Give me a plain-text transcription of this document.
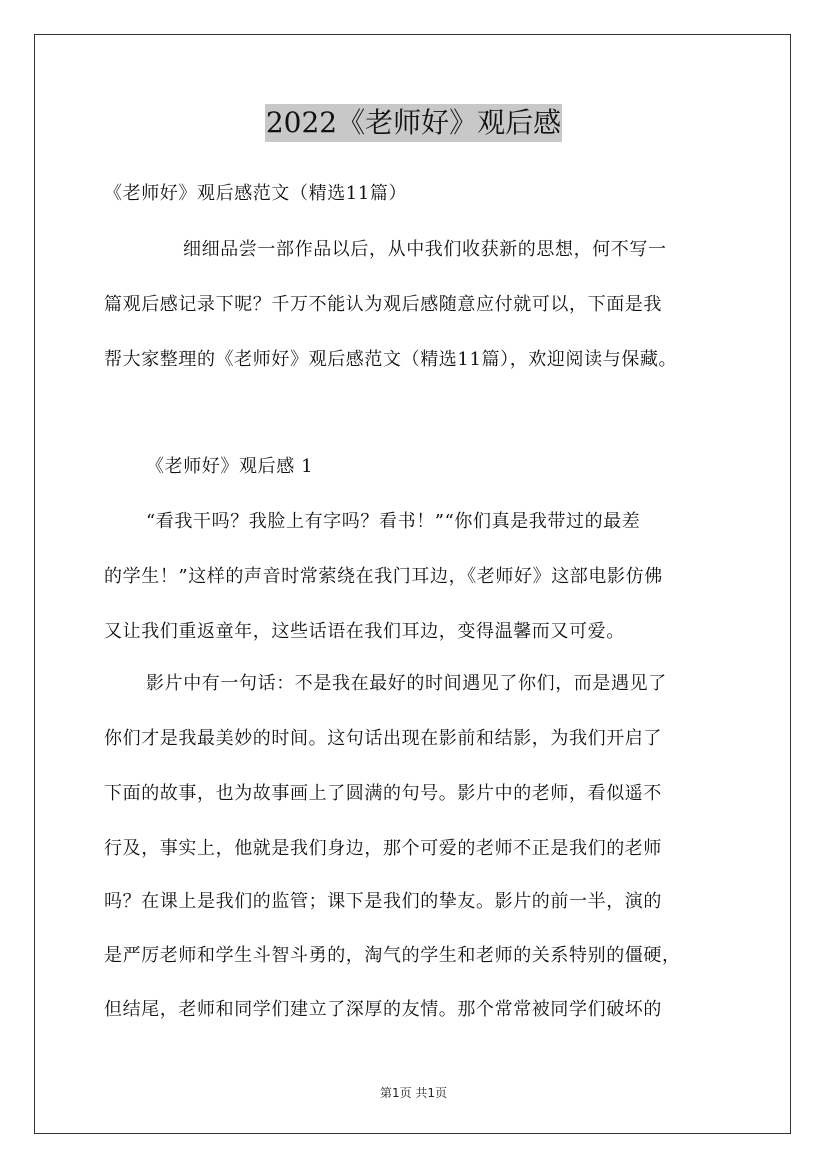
2022《老师好》观后感
《老师好》观后感范文（精选11篇）
细细品尝一部作品以后，从中我们收获新的思想，何不写一
篇观后感记录下呢？千万不能认为观后感随意应付就可以，下面是我
帮大家整理的《老师好》观后感范文（精选11篇），欢迎阅读与保藏。
《老师好》观后感 1
“看我干吗？我脸上有字吗？看书！”“你们真是我带过的最差
的学生！”这样的声音时常萦绕在我门耳边，《老师好》这部电影仿佛
又让我们重返童年，这些话语在我们耳边，变得温馨而又可爱。
影片中有一句话：不是我在最好的时间遇见了你们，而是遇见了
你们才是我最美妙的时间。这句话出现在影前和结影，为我们开启了
下面的故事，也为故事画上了圆满的句号。影片中的老师，看似遥不
行及，事实上，他就是我们身边，那个可爱的老师不正是我们的老师
吗？在课上是我们的监管；课下是我们的挚友。影片的前一半，演的
是严厉老师和学生斗智斗勇的，淘气的学生和老师的关系特别的僵硬，
但结尾，老师和同学们建立了深厚的友情。那个常常被同学们破坏的
第1页 共1页
